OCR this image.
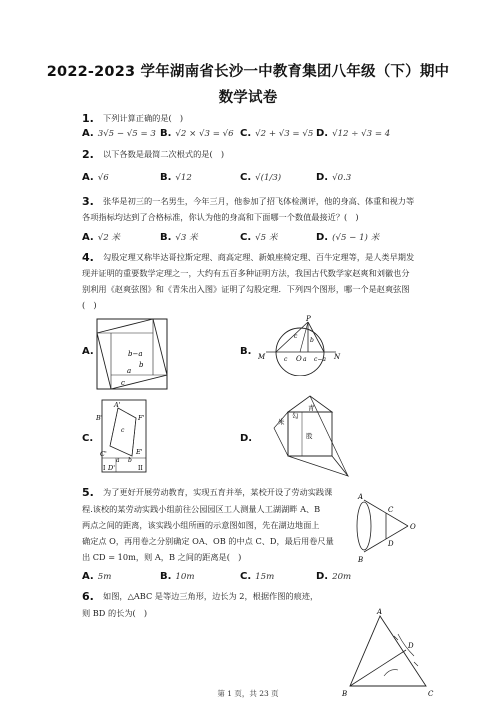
2022-2023 学年湖南省长沙一中教育集团八年级（下）期中
数学试卷
1. 下列计算正确的是(　)
A. 3√5 − √5 = 3 B. √2 × √3 = √6 C. √2 + √3 = √5 D. √12 ÷ √3 = 4
2. 以下各数是最简二次根式的是(　)
A. √6	B. √12	C. √(1/3)	D. √0.3
3. 张华是初三的一名男生，今年三月，他参加了招飞体检测评，他的身高、体重和视力等
各项指标均达到了合格标准，你认为他的身高和下面哪一个数值最接近？(　)
A. √2 米	B. √3 米	C. √5 米	D. (√5 − 1) 米
4. 勾股定理又称毕达哥拉斯定理、商高定理、新娘座椅定理、百牛定理等，是人类早期发
现并证明的重要数学定理之一，大约有五百多种证明方法，我国古代数学家赵爽和刘徽也分
别利用《赵爽弦图》和《青朱出入图》证明了勾股定理．下列四个图形，哪一个是赵爽弦图
(　)
A.	b−a
a
b
c
B.
P
M	N
O a
b
c
c	c−a
C.
A'
B'	F'
E'
C'
D'
I	II
c
a b
D.
青
朱
股
勾
5. 为了更好开展劳动教育，实现五育并举，某校开设了劳动实践课
程.该校的某劳动实践小组前往公园园区工人测量人工湖湖畔 A、B
两点之间的距离，该实践小组所画的示意图如图，先在湖边地面上
确定点 O，再用卷之分别确定 OA、OB 的中点 C、D，最后用卷尺量
出 CD = 10m，则 A，B 之间的距离是(　)
A
B
C
D
O
A. 5m	B. 10m	C. 15m	D. 20m
6. 如图，△ABC 是等边三角形，边长为 2，根据作图的痕迹，
则 BD 的长为(　)	A
B	C
D
第 1 页，共 23 页
